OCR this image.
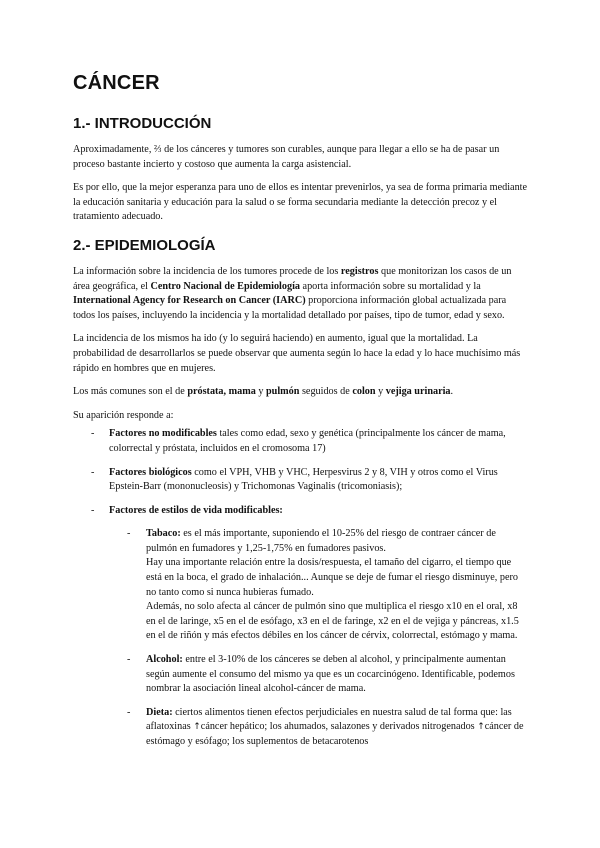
CÁNCER
1.- INTRODUCCIÓN

Aproximadamente, ⅔ de los cánceres y tumores son curables, aunque para llegar a ello se ha de pasar un proceso bastante incierto y costoso que aumenta la carga asistencial.

Es por ello, que la mejor esperanza para uno de ellos es intentar prevenirlos, ya sea de forma primaria mediante la educación sanitaria y educación para la salud o se forma secundaria mediante la detección precoz y el tratamiento adecuado.

2.- EPIDEMIOLOGÍA

La información sobre la incidencia de los tumores procede de los registros que monitorizan los casos de un área geográfica, el Centro Nacional de Epidemiología aporta información sobre su mortalidad y la International Agency for Research on Cancer (IARC) proporciona información global actualizada para todos los países, incluyendo la incidencia y la mortalidad detallado por países, tipo de tumor, edad y sexo.

La incidencia de los mismos ha ido (y lo seguirá haciendo) en aumento, igual que la mortalidad. La probabilidad de desarrollarlos se puede observar que aumenta según lo hace la edad y lo hace muchísimo más rápido en hombres que en mujeres.

Los más comunes son el de próstata, mama y pulmón seguidos de colon y vejiga urinaria.

Su aparición responde a:

- Factores no modificables tales como edad, sexo y genética (principalmente los cáncer de mama, colorrectal y próstata, incluidos en el cromosoma 17)
- Factores biológicos como el VPH, VHB y VHC, Herpesvirus 2 y 8, VIH y otros como el Virus Epstein-Barr (mononucleosis) y Trichomonas Vaginalis (tricomoniasis);
- Factores de estilos de vida modificables:
- Tabaco: es el más importante, suponiendo el 10-25% del riesgo de contraer cáncer de pulmón en fumadores y 1,25-1,75% en fumadores pasivos.
Hay una importante relación entre la dosis/respuesta, el tamaño del cigarro, el tiempo que está en la boca, el grado de inhalación... Aunque se deje de fumar el riesgo disminuye, pero no tanto como si nunca hubieras fumado.
Además, no solo afecta al cáncer de pulmón sino que multiplica el riesgo x10 en el oral, x8 en el de laringe, x5 en el de esófago, x3 en el de faringe, x2 en el de vejiga y páncreas, x1.5 en el de riñón y más efectos débiles en los cáncer de cérvix, colorrectal, estómago y mama.
- Alcohol: entre el 3-10% de los cánceres se deben al alcohol, y principalmente aumentan según aumente el consumo del mismo ya que es un cocarcinógeno. Identificable, podemos nombrar la asociación lineal alcohol-cáncer de mama.
- Dieta: ciertos alimentos tienen efectos perjudiciales en nuestra salud de tal forma que: las aflatoxinas ↑cáncer hepático; los ahumados, salazones y derivados nitrogenados ↑cáncer de estómago y esófago; los suplementos de betacarotenos
